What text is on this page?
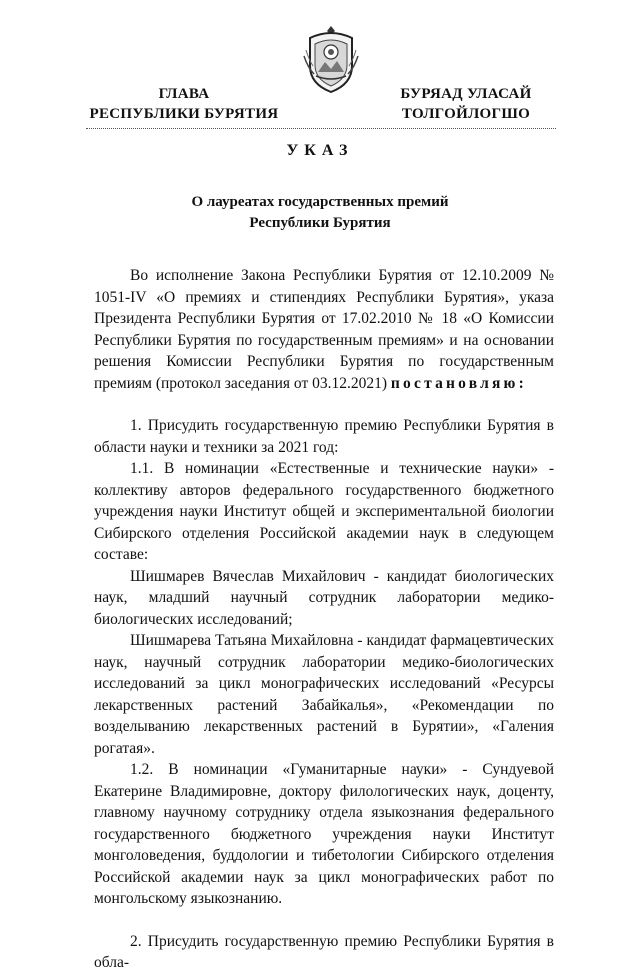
ГЛАВА
РЕСПУБЛИКИ БУРЯТИЯ
БУРЯАД УЛАСАЙ
ТОЛГОЙЛОГШО
УКАЗ
О лауреатах государственных премий
Республики Бурятия

Во исполнение Закона Республики Бурятия от 12.10.2009 № 1051-IV «О премиях и стипендиях Республики Бурятия», указа Президента Республики Бурятия от 17.02.2010 № 18 «О Комиссии Республики Бурятия по государственным премиям» и на основании решения Комиссии Республики Бурятия по государственным премиям (протокол заседания от 03.12.2021) постановляю:

1. Присудить государственную премию Республики Бурятия в области науки и техники за 2021 год:

1.1. В номинации «Естественные и технические науки» - коллективу авторов федерального государственного бюджетного учреждения науки Институт общей и экспериментальной биологии Сибирского отделения Российской академии наук в следующем составе:

Шишмарев Вячеслав Михайлович - кандидат биологических наук, младший научный сотрудник лаборатории медико-биологических исследований;

Шишмарева Татьяна Михайловна - кандидат фармацевтических наук, научный сотрудник лаборатории медико-биологических исследований за цикл монографических исследований «Ресурсы лекарственных растений Забайкалья», «Рекомендации по возделыванию лекарственных растений в Бурятии», «Галения рогатая».

1.2. В номинации «Гуманитарные науки» - Сундуевой Екатерине Владимировне, доктору филологических наук, доценту, главному научному сотруднику отдела языкознания федерального государственного бюджетного учреждения науки Институт монголоведения, буддологии и тибетологии Сибирского отделения Российской академии наук за цикл монографических работ по монгольскому языкознанию.

2. Присудить государственную премию Республики Бурятия в обла-
